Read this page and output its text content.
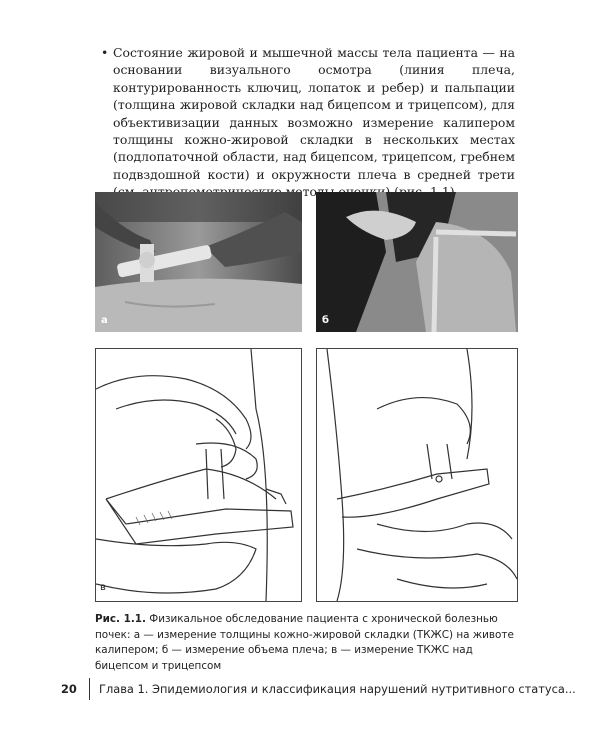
• Состояние жировой и мышечной массы тела пациента — на основании визуального осмотра (линия плеча, контурированность ключиц, лопаток и ребер) и пальпации (толщина жировой складки над бицепсом и трицепсом), для объективизации данных возможно измерение калипером толщины кожно-жировой складки в нескольких местах (подлопаточной области, над бицепсом, трицепсом, гребнем подвздошной кости) и окружности плеча в средней трети методы
а	б
в
Рис. 1.1. Физикальное обследование пациента с хронической болезнью почек: а — измерение толщины кожно-жировой складки (ТКЖС) на животе калипером; б — измерение объема плеча; в — измерение ТКЖС над бицепсом и трицепсом
20	Глава 1. Эпидемиология и классификация нарушений нутритивного статуса...
